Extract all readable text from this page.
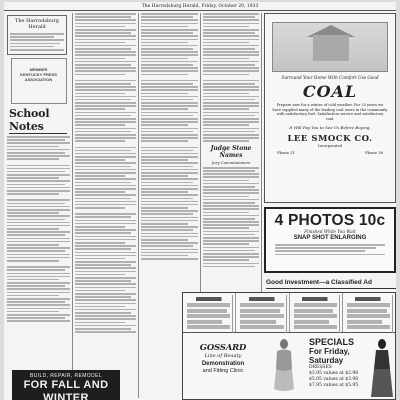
The Harrodsburg Herald, Friday, October 20, 1933
The Harrodsburg Herald
MEMBER
KENTUCKY PRESS
ASSOCIATION
School Notes
Judge Stone Names
Jury Commissioners
Surround Your Home With Comfort Use Good
COAL
Prepare now for a winter of cold weather. For 25 years we have supplied many of the leading coal users in the community with satisfactory fuel. Satisfaction service and satisfactory coal.
It Will Pay You to See Us Before Buying.
LEE SMOCK CO.
Incorporated
Phone 31	Phone 36
4 PHOTOS 10c
Finished While You Wait
SNAP SHOT ENLARGING
Good Investment—a Classified Ad
GOSSARD
Line of Beauty
Demonstration
and Fitting Clinic
SPECIALS
For Friday,
Saturday
DRESSES
$3.95 values at $2.98
$5.95 values at $3.98
$7.95 values at $5.95
BUILD, REPAIR, REMODEL
FOR FALL AND WINTER
